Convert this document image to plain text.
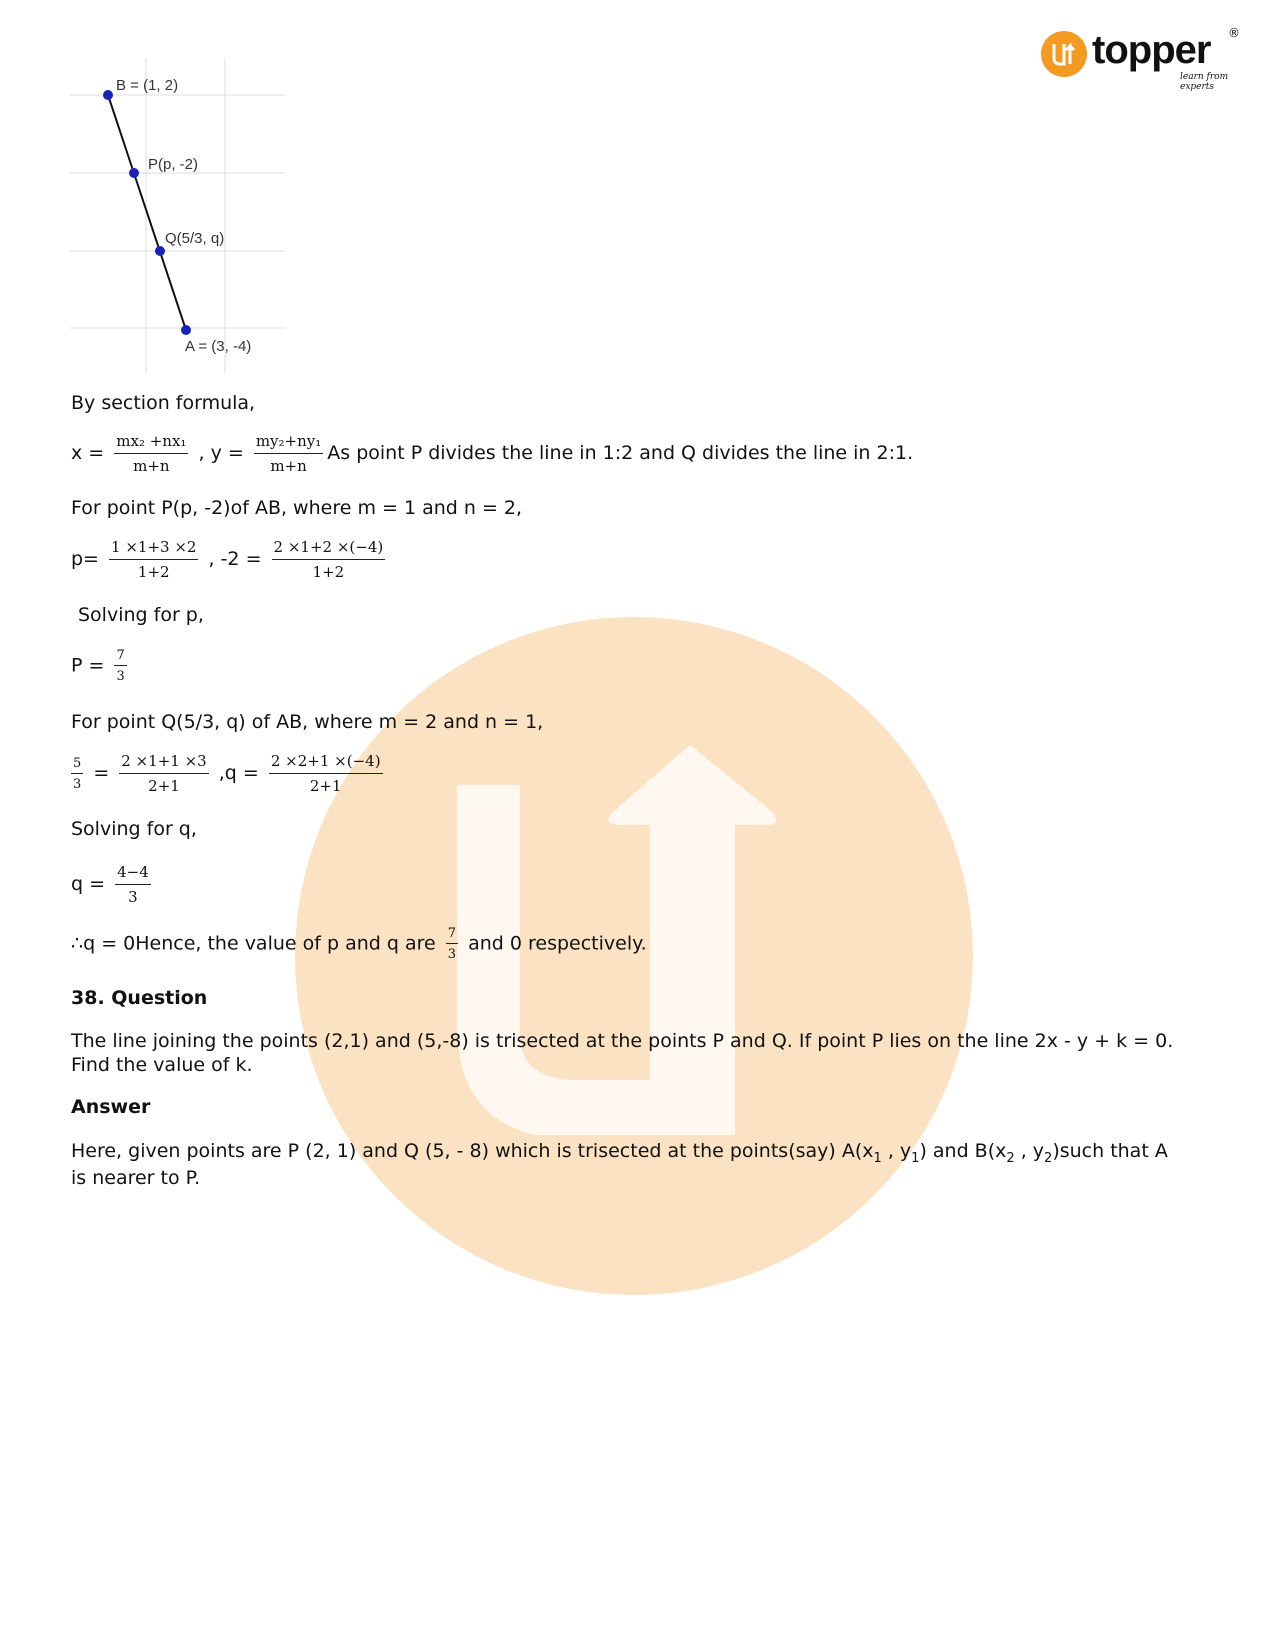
topper ®
learn from experts
B = (1, 2)
P(p, -2)
Q(5/3, q)
A = (3, -4)
By section formula,
$x = \frac{\text{mx₂ +nx₁}}{m+n}$ , $y = \frac{\text{my₂+ny₁}}{m+n}$ As point P divides the line in 1:2 and Q divides the line in 2:1.
For point P(p, -2)of AB, where m = 1 and n = 2,
$p= \frac{1 \times 1+3 \times 2}{1+2}$ , $-2 = \frac{2 \times 1+2 \times(-4)}{1+2}$
Solving for p,
$P = \frac{7}{3}$
For point Q(5/3, q) of AB, where m = 2 and n = 1,
$\frac{5}{3} = \frac{2 \times 1+1 \times 3}{2+1} ,q = \frac{2 \times 2+1 \times(-4)}{2+1}$
Solving for q,
$q = \frac{4-4}{3}$
∴q = 0Hence, the value of p and q are $\frac{7}{3}$ and 0 respectively.
38. Question
The line joining the points (2,1) and (5,-8) is trisected at the points P and Q. If point P lies on the line 2x - y + k = 0.
Find the value of k.
Answer
Here, given points are P (2, 1) and Q (5, - 8) which is trisected at the points(say) $A(x_1$ , $y_1$) and $B(x_2$ , $y_2)such$ that A
is nearer to P.
